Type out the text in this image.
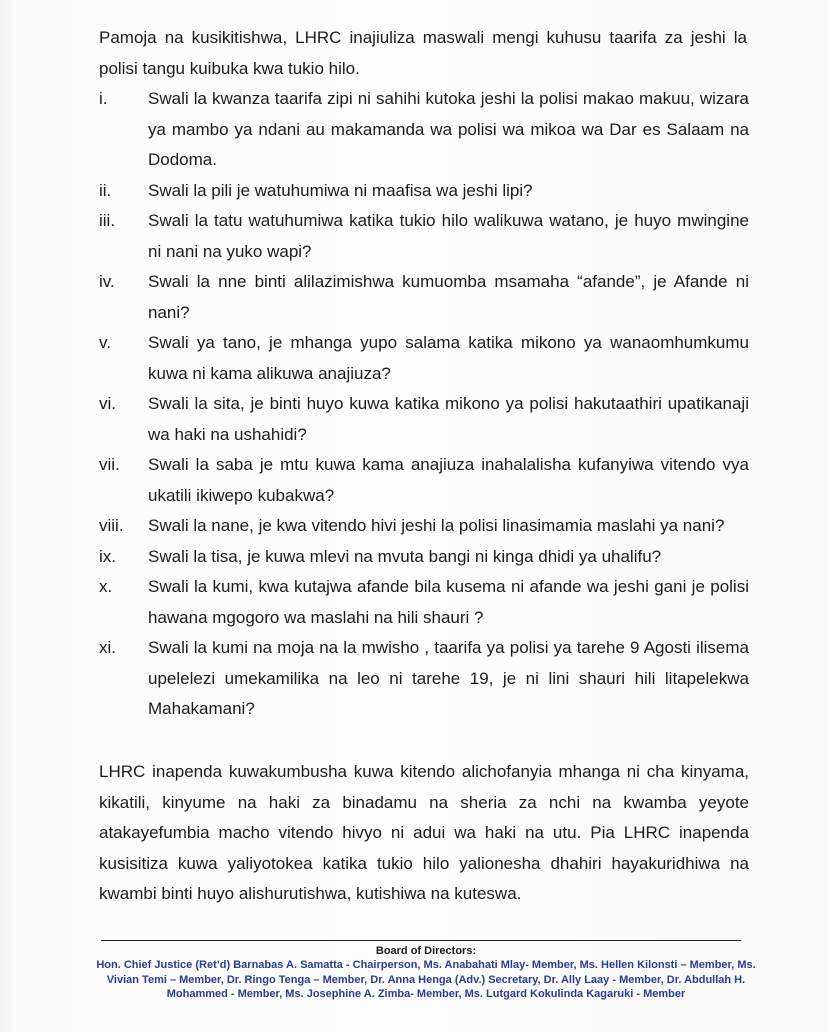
Pamoja na kusikitishwa, LHRC inajiuliza maswali mengi kuhusu taarifa za jeshi la polisi tangu kuibuka kwa tukio hilo.

i.	Swali la kwanza taarifa zipi ni sahihi kutoka jeshi la polisi makao makuu, wizara ya mambo ya ndani au makamanda wa polisi wa mikoa wa Dar es Salaam na Dodoma.
ii.	Swali la pili je watuhumiwa ni maafisa wa jeshi lipi?
iii.	Swali la tatu watuhumiwa katika tukio hilo walikuwa watano, je huyo mwingine ni nani na yuko wapi?
iv.	Swali la nne binti alilazimishwa kumuomba msamaha “afande”, je Afande ni nani?
v.	Swali ya tano, je mhanga yupo salama katika mikono ya wanaomhumkumu kuwa ni kama alikuwa anajiuza?
vi.	Swali la sita, je binti huyo kuwa katika mikono ya polisi hakutaathiri upatikanaji wa haki na ushahidi?
vii.	Swali la saba je mtu kuwa kama anajiuza inahalalisha kufanyiwa vitendo vya ukatili ikiwepo kubakwa?
viii.	Swali la nane, je kwa vitendo hivi jeshi la polisi linasimamia maslahi ya nani?
ix.	Swali la tisa, je kuwa mlevi na mvuta bangi ni kinga dhidi ya uhalifu?
x.	Swali la kumi, kwa kutajwa afande bila kusema ni afande wa jeshi gani je polisi hawana mgogoro wa maslahi na hili shauri ?
xi.	Swali la kumi na moja na la mwisho , taarifa ya polisi ya tarehe 9 Agosti ilisema upelelezi umekamilika na leo ni tarehe 19, je ni lini shauri hili litapelekwa Mahakamani?

LHRC inapenda kuwakumbusha kuwa kitendo alichofanyia mhanga ni cha kinyama, kikatili, kinyume na haki za binadamu na sheria za nchi na kwamba yeyote atakayefumbia macho vitendo hivyo ni adui wa haki na utu. Pia LHRC inapenda kusisitiza kuwa yaliyotokea katika tukio hilo yalionesha dhahiri hayakuridhiwa na kwambi binti huyo alishurutishwa, kutishiwa na kuteswa.

Board of Directors:
Hon. Chief Justice (Ret’d) Barnabas A. Samatta - Chairperson, Ms. Anabahati Mlay- Member, Ms. Hellen Kilonsti – Member, Ms. Vivian Temi – Member, Dr. Ringo Tenga – Member, Dr. Anna Henga (Adv.) Secretary, Dr. Ally Laay - Member, Dr. Abdullah H. Mohammed - Member, Ms. Josephine A. Zimba- Member, Ms. Lutgard Kokulinda Kagaruki - Member
